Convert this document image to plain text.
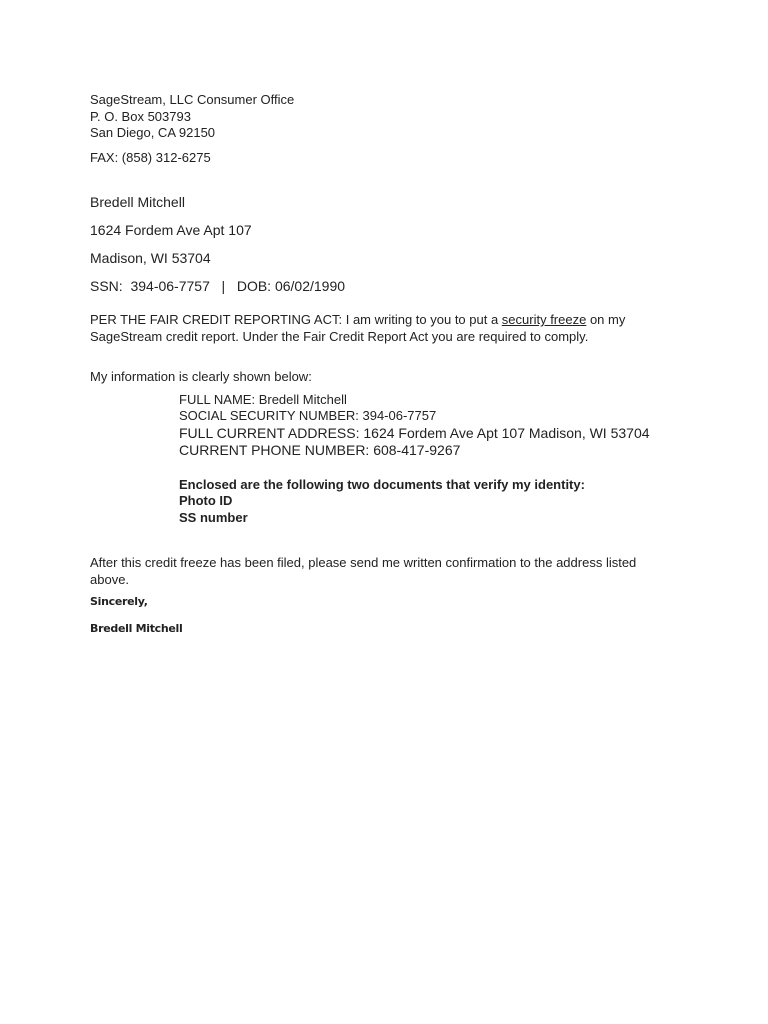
SageStream, LLC Consumer Office
P. O. Box 503793
San Diego, CA 92150
FAX: (858) 312-6275
Bredell Mitchell
1624 Fordem Ave Apt 107
Madison, WI 53704
SSN:  394-06-7757   |   DOB: 06/02/1990
PER THE FAIR CREDIT REPORTING ACT: I am writing to you to put a security freeze on my SageStream credit report. Under the Fair Credit Report Act you are required to comply.
My information is clearly shown below:
FULL NAME: Bredell Mitchell
SOCIAL SECURITY NUMBER: 394-06-7757
FULL CURRENT ADDRESS: 1624 Fordem Ave Apt 107 Madison, WI 53704
CURRENT PHONE NUMBER: 608-417-9267
Enclosed are the following two documents that verify my identity:
Photo ID
SS number
After this credit freeze has been filed, please send me written confirmation to the address listed above.
Sincerely,
Bredell Mitchell
